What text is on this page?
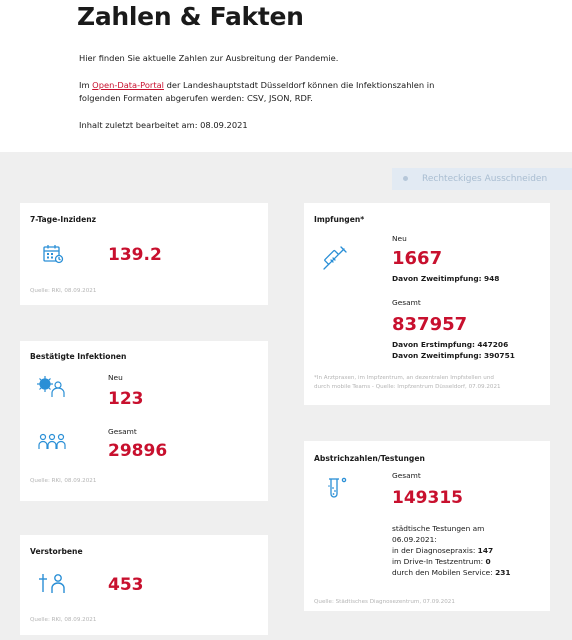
Zahlen & Fakten
Hier finden Sie aktuelle Zahlen zur Ausbreitung der Pandemie.
Im Open-Data-Portal der Landeshauptstadt Düsseldorf können die Infektionszahlen in
folgenden Formaten abgerufen werden: CSV, JSON, RDF.
Inhalt zuletzt bearbeitet am: 08.09.2021
Rechteckiges Ausschneiden
7-Tage-Inzidenz
139.2
Quelle: RKI, 08.09.2021
Bestätigte Infektionen
Neu
123
Gesamt
29896
Quelle: RKI, 08.09.2021
Verstorbene
453
Quelle: RKI, 08.09.2021
Impfungen*
Neu
1667
Davon Zweitimpfung: 948
Gesamt
837957
Davon Erstimpfung: 447206
Davon Zweitimpfung: 390751
*In Arztpraxen, im Impfzentrum, an dezentralen Impfstellen und
durch mobile Teams - Quelle: Impfzentrum Düsseldorf, 07.09.2021
Abstrichzahlen/Testungen
Gesamt
149315
städtische Testungen am
06.09.2021:
in der Diagnosepraxis: 147
im Drive-In Testzentrum: 0
durch den Mobilen Service: 231
Quelle: Städtisches Diagnosezentrum, 07.09.2021
